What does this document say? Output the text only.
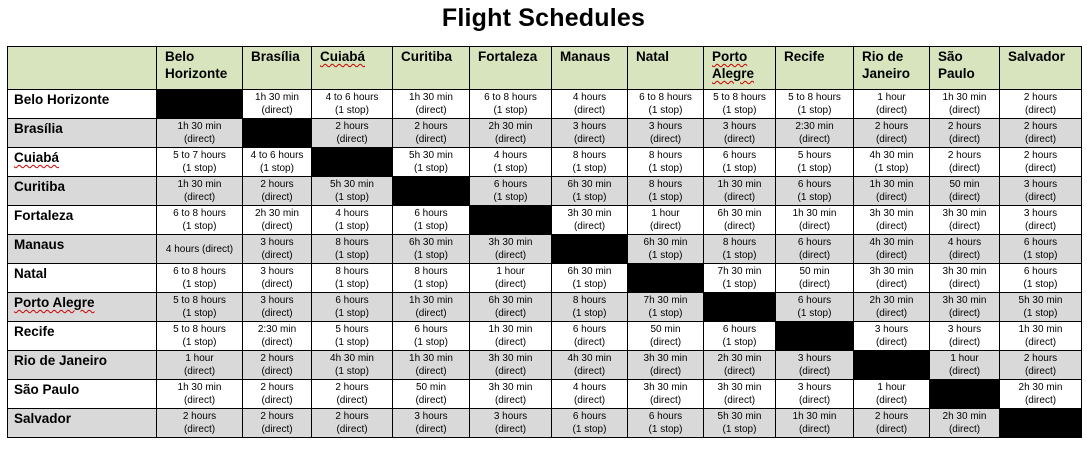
Flight Schedules

	Belo
Horizonte	Brasília	Cuiabá	Curitiba	Fortaleza	Manaus	Natal	Porto
Alegre	Recife	Rio de
Janeiro	São
Paulo	Salvador

Belo Horizonte		1h 30 min
(direct)	4 to 6 hours
(1 stop)	1h 30 min
(direct)	6 to 8 hours
(1 stop)	4 hours
(direct)	6 to 8 hours
(1 stop)	5 to 8 hours
(1 stop)	5 to 8 hours
(1 stop)	1 hour
(direct)	1h 30 min
(direct)	2 hours
(direct)

Brasília	1h 30 min
(direct)		2 hours
(direct)	2 hours
(direct)	2h 30 min
(direct)	3 hours
(direct)	3 hours
(direct)	3 hours
(direct)	2:30 min
(direct)	2 hours
(direct)	2 hours
(direct)	2 hours
(direct)

Cuiabá	5 to 7 hours
(1 stop)	4 to 6 hours
(1 stop)		5h 30 min
(1 stop)	4 hours
(1 stop)	8 hours
(1 stop)	8 hours
(1 stop)	6 hours
(1 stop)	5 hours
(1 stop)	4h 30 min
(1 stop)	2 hours
(direct)	2 hours
(direct)

Curitiba	1h 30 min
(direct)	2 hours
(direct)	5h 30 min
(1 stop)		6 hours
(1 stop)	6h 30 min
(1 stop)	8 hours
(1 stop)	1h 30 min
(direct)	6 hours
(1 stop)	1h 30 min
(direct)	50 min
(direct)	3 hours
(direct)

Fortaleza	6 to 8 hours
(1 stop)	2h 30 min
(direct)	4 hours
(1 stop)	6 hours
(1 stop)		3h 30 min
(direct)	1 hour
(direct)	6h 30 min
(direct)	1h 30 min
(direct)	3h 30 min
(direct)	3h 30 min
(direct)	3 hours
(direct)

Manaus	4 hours (direct)	3 hours
(direct)	8 hours
(1 stop)	6h 30 min
(1 stop)	3h 30 min
(direct)		6h 30 min
(1 stop)	8 hours
(1 stop)	6 hours
(direct)	4h 30 min
(direct)	4 hours
(direct)	6 hours
(1 stop)

Natal	6 to 8 hours
(1 stop)	3 hours
(direct)	8 hours
(1 stop)	8 hours
(1 stop)	1 hour
(direct)	6h 30 min
(1 stop)		7h 30 min
(1 stop)	50 min
(direct)	3h 30 min
(direct)	3h 30 min
(direct)	6 hours
(1 stop)

Porto Alegre	5 to 8 hours
(1 stop)	3 hours
(direct)	6 hours
(1 stop)	1h 30 min
(direct)	6h 30 min
(direct)	8 hours
(1 stop)	7h 30 min
(1 stop)		6 hours
(1 stop)	2h 30 min
(direct)	3h 30 min
(direct)	5h 30 min
(1 stop)

Recife	5 to 8 hours
(1 stop)	2:30 min
(direct)	5 hours
(1 stop)	6 hours
(1 stop)	1h 30 min
(direct)	6 hours
(direct)	50 min
(direct)	6 hours
(1 stop)		3 hours
(direct)	3 hours
(direct)	1h 30 min
(direct)

Rio de Janeiro	1 hour
(direct)	2 hours
(direct)	4h 30 min
(1 stop)	1h 30 min
(direct)	3h 30 min
(direct)	4h 30 min
(direct)	3h 30 min
(direct)	2h 30 min
(direct)	3 hours
(direct)		1 hour
(direct)	2 hours
(direct)

São Paulo	1h 30 min
(direct)	2 hours
(direct)	2 hours
(direct)	50 min
(direct)	3h 30 min
(direct)	4 hours
(direct)	3h 30 min
(direct)	3h 30 min
(direct)	3 hours
(direct)	1 hour
(direct)		2h 30 min
(direct)

Salvador	2 hours
(direct)	2 hours
(direct)	2 hours
(direct)	3 hours
(direct)	3 hours
(direct)	6 hours
(1 stop)	6 hours
(1 stop)	5h 30 min
(1 stop)	1h 30 min
(direct)	2 hours
(direct)	2h 30 min
(direct)	
